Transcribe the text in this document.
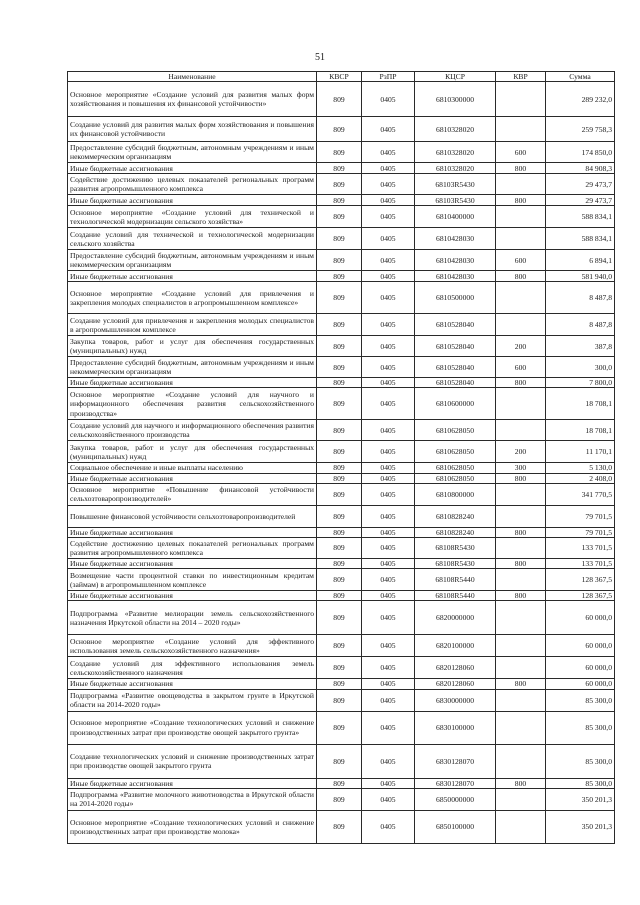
51
Наименование	КВСР	РзПР	КЦСР	КВР	Сумма
Основное мероприятие «Создание условий для развития малых форм хозяйствования и повышения их финансовой устойчивости»	809	0405	6810300000		289 232,0
Создание условий для развития малых форм хозяйствования и повышения их финансовой устойчивости	809	0405	6810328020		259 758,3
Предоставление субсидий бюджетным, автономным учреждениям и иным некоммерческим организациям	809	0405	6810328020	600	174 850,0
Иные бюджетные ассигнования	809	0405	6810328020	800	84 908,3
Содействие достижению целевых показателей региональных программ развития агропромышленного комплекса	809	0405	68103R5430		29 473,7
Иные бюджетные ассигнования	809	0405	68103R5430	800	29 473,7
Основное мероприятие «Создание условий для технической и технологической модернизации сельского хозяйства»	809	0405	6810400000		588 834,1
Создание условий для технической и технологической модернизации сельского хозяйства	809	0405	6810428030		588 834,1
Предоставление субсидий бюджетным, автономным учреждениям и иным некоммерческим организациям	809	0405	6810428030	600	6 894,1
Иные бюджетные ассигнования	809	0405	6810428030	800	581 940,0
Основное мероприятие «Создание условий для привлечения и закрепления молодых специалистов в агропромышленном комплексе»	809	0405	6810500000		8 487,8
Создание условий для привлечения и закрепления молодых специалистов в агропромышленном комплексе	809	0405	6810528040		8 487,8
Закупка товаров, работ и услуг для обеспечения государственных (муниципальных) нужд	809	0405	6810528040	200	387,8
Предоставление субсидий бюджетным, автономным учреждениям и иным некоммерческим организациям	809	0405	6810528040	600	300,0
Иные бюджетные ассигнования	809	0405	6810528040	800	7 800,0
Основное мероприятие «Создание условий для научного и информационного обеспечения развития сельскохозяйственного производства»	809	0405	6810600000		18 708,1
Создание условий для научного и информационного обеспечения развития сельскохозяйственного производства	809	0405	6810628050		18 708,1
Закупка товаров, работ и услуг для обеспечения государственных (муниципальных) нужд	809	0405	6810628050	200	11 170,1
Социальное обеспечение и иные выплаты населению	809	0405	6810628050	300	5 130,0
Иные бюджетные ассигнования	809	0405	6810628050	800	2 408,0
Основное мероприятие «Повышение финансовой устойчивости сельхозтоваропроизводителей»	809	0405	6810800000		341 770,5
Повышение финансовой устойчивости сельхозтоваропроизводителей	809	0405	6810828240		79 701,5
Иные бюджетные ассигнования	809	0405	6810828240	800	79 701,5
Содействие достижению целевых показателей региональных программ развития агропромышленного комплекса	809	0405	68108R5430		133 701,5
Иные бюджетные ассигнования	809	0405	68108R5430	800	133 701,5
Возмещение части процентной ставки по инвестиционным кредитам (займам) в агропромышленном комплексе	809	0405	68108R5440		128 367,5
Иные бюджетные ассигнования	809	0405	68108R5440	800	128 367,5
Подпрограмма «Развитие мелиорации земель сельскохозяйственного назначения Иркутской области на 2014 – 2020 годы»	809	0405	6820000000		60 000,0
Основное мероприятие «Создание условий для эффективного использования земель сельскохозяйственного назначения»	809	0405	6820100000		60 000,0
Создание условий для эффективного использования земель сельскохозяйственного назначения	809	0405	6820128060		60 000,0
Иные бюджетные ассигнования	809	0405	6820128060	800	60 000,0
Подпрограмма «Развитие овощеводства в закрытом грунте в Иркутской области на 2014-2020 годы»	809	0405	6830000000		85 300,0
Основное мероприятие «Создание технологических условий и снижение производственных затрат при производстве овощей закрытого грунта»	809	0405	6830100000		85 300,0
Создание технологических условий и снижение производственных затрат при производстве овощей закрытого грунта	809	0405	6830128070		85 300,0
Иные бюджетные ассигнования	809	0405	6830128070	800	85 300,0
Подпрограмма «Развитие молочного животноводства в Иркутской области на 2014-2020 годы»	809	0405	6850000000		350 201,3
Основное мероприятие «Создание технологических условий и снижение производственных затрат при производстве молока»	809	0405	6850100000		350 201,3
